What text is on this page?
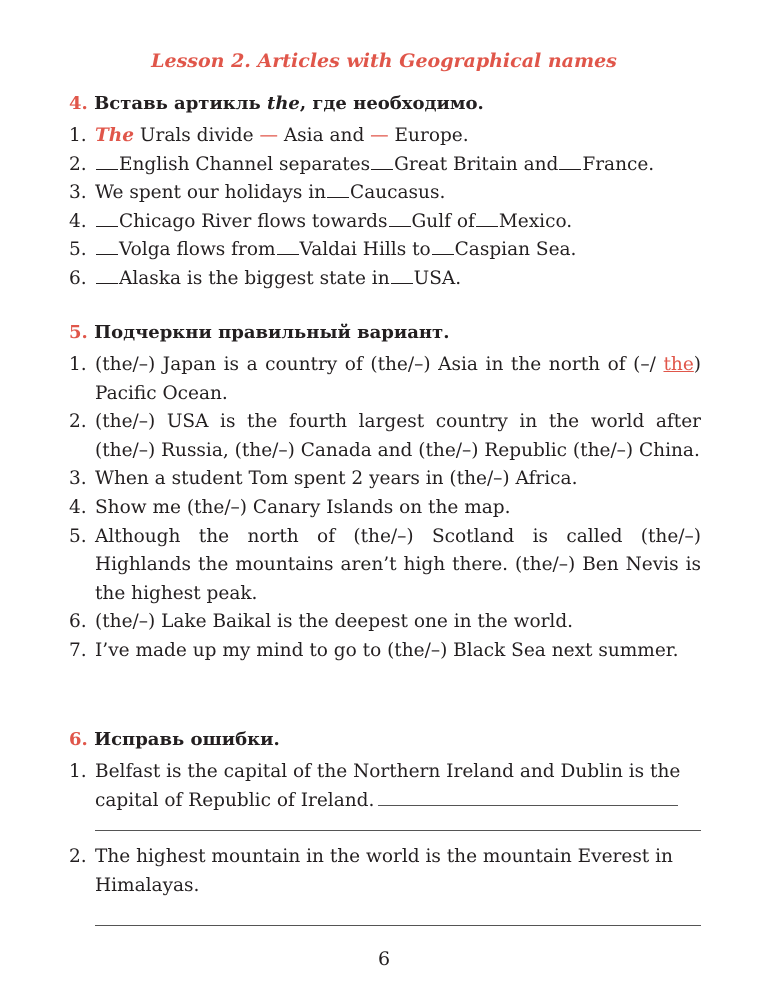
Lesson 2. Articles with Geographical names
4. Вставь артикль the, где необходимо.
1. The Urals divide — Asia and — Europe.
2.	English Channel separates Great Britain and France.
3. We spent our holidays in Caucasus.
4.	Chicago River flows towards Gulf of Mexico.
5.	Volga flows from Valdai Hills to Caspian Sea.
6.	Alaska is the biggest state in USA.
5. Подчеркни правильный вариант.
1. (the/–) Japan is a country of (the/–) Asia in the north of (–/ the) Pacific Ocean.
2. (the/–) USA is the fourth largest country in the world after (the/–) Russia, (the/–) Canada and (the/–) Republic (the/–) China.
3. When a student Tom spent 2 years in (the/–) Africa.
4. Show me (the/–) Canary Islands on the map.
5. Although the north of (the/–) Scotland is called (the/–) Highlands the mountains aren’t high there. (the/–) Ben Nevis is the highest peak.
6. (the/–) Lake Baikal is the deepest one in the world.
7. I’ve made up my mind to go to (the/–) Black Sea next summer.
6. Исправь ошибки.
1. Belfast is the capital of the Northern Ireland and Dublin is the capital of Republic of Ireland.
2. The highest mountain in the world is the mountain Everest in Himalayas.
6
